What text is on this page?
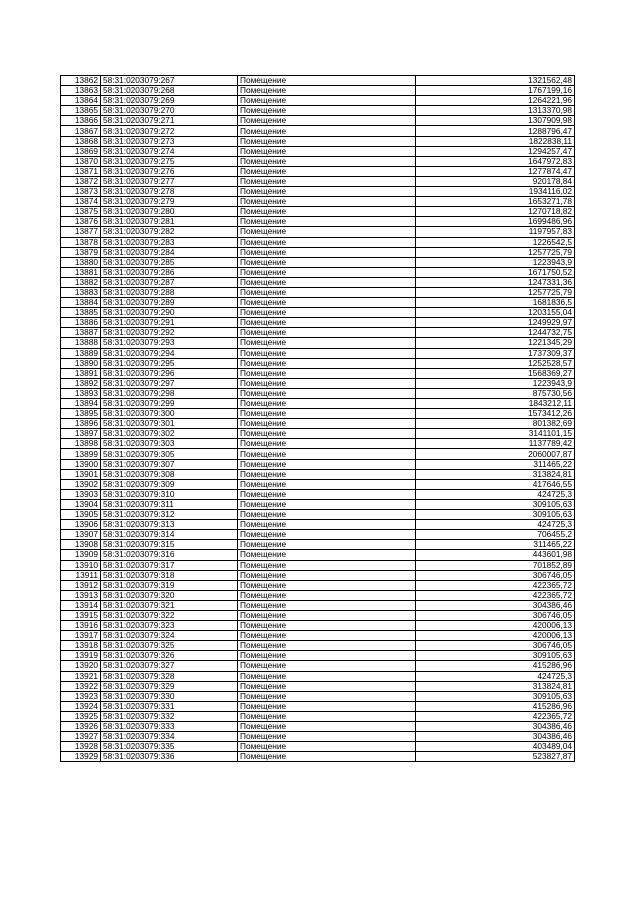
13862	58:31:0203079:267	Помещение	1321562,48
13863	58:31:0203079:268	Помещение	1767199,16
13864	58:31:0203079:269	Помещение	1264221,96
13865	58:31:0203079:270	Помещение	1313370,98
13866	58:31:0203079:271	Помещение	1307909,98
13867	58:31:0203079:272	Помещение	1288796,47
13868	58:31:0203079:273	Помещение	1822838,11
13869	58:31:0203079:274	Помещение	1294257,47
13870	58:31:0203079:275	Помещение	1647972,83
13871	58:31:0203079:276	Помещение	1277874,47
13872	58:31:0203079:277	Помещение	920178,84
13873	58:31:0203079:278	Помещение	1934116,02
13874	58:31:0203079:279	Помещение	1653271,78
13875	58:31:0203079:280	Помещение	1270718,82
13876	58:31:0203079:281	Помещение	1699486,96
13877	58:31:0203079:282	Помещение	1197957,83
13878	58:31:0203079:283	Помещение	1226542,5
13879	58:31:0203079:284	Помещение	1257725,79
13880	58:31:0203079:285	Помещение	1223943,9
13881	58:31:0203079:286	Помещение	1671750,52
13882	58:31:0203079:287	Помещение	1247331,36
13883	58:31:0203079:288	Помещение	1257725,79
13884	58:31:0203079:289	Помещение	1681836,5
13885	58:31:0203079:290	Помещение	1203155,04
13886	58:31:0203079:291	Помещение	1249929,97
13887	58:31:0203079:292	Помещение	1244732,75
13888	58:31:0203079:293	Помещение	1221345,29
13889	58:31:0203079:294	Помещение	1737309,37
13890	58:31:0203079:295	Помещение	1252528,57
13891	58:31:0203079:296	Помещение	1568369,27
13892	58:31:0203079:297	Помещение	1223943,9
13893	58:31:0203079:298	Помещение	875730,56
13894	58:31:0203079:299	Помещение	1843212,11
13895	58:31:0203079:300	Помещение	1573412,26
13896	58:31:0203079:301	Помещение	801382,69
13897	58:31:0203079:302	Помещение	3141101,15
13898	58:31:0203079:303	Помещение	1137789,42
13899	58:31:0203079:305	Помещение	2060007,87
13900	58:31:0203079:307	Помещение	311465,22
13901	58:31:0203079:308	Помещение	313824,81
13902	58:31:0203079:309	Помещение	417646,55
13903	58:31:0203079:310	Помещение	424725,3
13904	58:31:0203079:311	Помещение	309105,63
13905	58:31:0203079:312	Помещение	309105,63
13906	58:31:0203079:313	Помещение	424725,3
13907	58:31:0203079:314	Помещение	706455,2
13908	58:31:0203079:315	Помещение	311465,22
13909	58:31:0203079:316	Помещение	443601,98
13910	58:31:0203079:317	Помещение	701852,89
13911	58:31:0203079:318	Помещение	306746,05
13912	58:31:0203079:319	Помещение	422365,72
13913	58:31:0203079:320	Помещение	422365,72
13914	58:31:0203079:321	Помещение	304386,46
13915	58:31:0203079:322	Помещение	306746,05
13916	58:31:0203079:323	Помещение	420006,13
13917	58:31:0203079:324	Помещение	420006,13
13918	58:31:0203079:325	Помещение	306746,05
13919	58:31:0203079:326	Помещение	309105,63
13920	58:31:0203079:327	Помещение	415286,96
13921	58:31:0203079:328	Помещение	424725,3
13922	58:31:0203079:329	Помещение	313824,81
13923	58:31:0203079:330	Помещение	309105,63
13924	58:31:0203079:331	Помещение	415286,96
13925	58:31:0203079:332	Помещение	422365,72
13926	58:31:0203079:333	Помещение	304386,46
13927	58:31:0203079:334	Помещение	304386,46
13928	58:31:0203079:335	Помещение	403489,04
13929	58:31:0203079:336	Помещение	523827,87
